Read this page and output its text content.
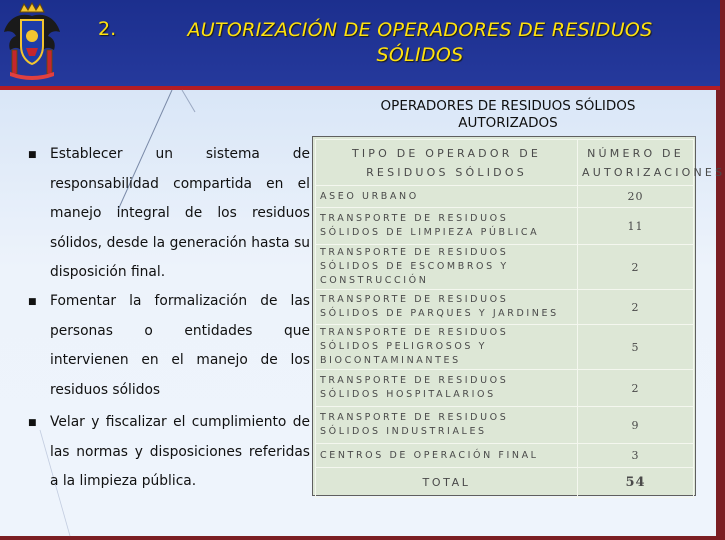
2.	AUTORIZACIÓN DE OPERADORES DE RESIDUOS SÓLIDOS
OPERADORES DE RESIDUOS SÓLIDOS AUTORIZADOS
■ Establecer un sistema de responsabilidad compartida en el manejo integral de los residuos sólidos, desde la generación hasta su disposición final.
■ Fomentar la formalización de las personas o entidades que intervienen en el manejo de los residuos sólidos
■ Velar y fiscalizar el cumplimiento de las normas y disposiciones referidas a la limpieza pública.
TIPO DE OPERADOR DE RESIDUOS SÓLIDOS	NÚMERO DE AUTORIZACIONES
ASEO URBANO	20
TRANSPORTE DE RESIDUOS SÓLIDOS DE LIMPIEZA PÚBLICA	11
TRANSPORTE DE RESIDUOS SÓLIDOS DE ESCOMBROS Y CONSTRUCCIÓN	2
TRANSPORTE DE RESIDUOS SÓLIDOS DE PARQUES Y JARDINES	2
TRANSPORTE DE RESIDUOS SÓLIDOS PELIGROSOS Y BIOCONTAMINANTES	5
TRANSPORTE DE RESIDUOS SÓLIDOS HOSPITALARIOS	2
TRANSPORTE DE RESIDUOS SÓLIDOS INDUSTRIALES	9
CENTROS DE OPERACIÓN FINAL	3
TOTAL	54
